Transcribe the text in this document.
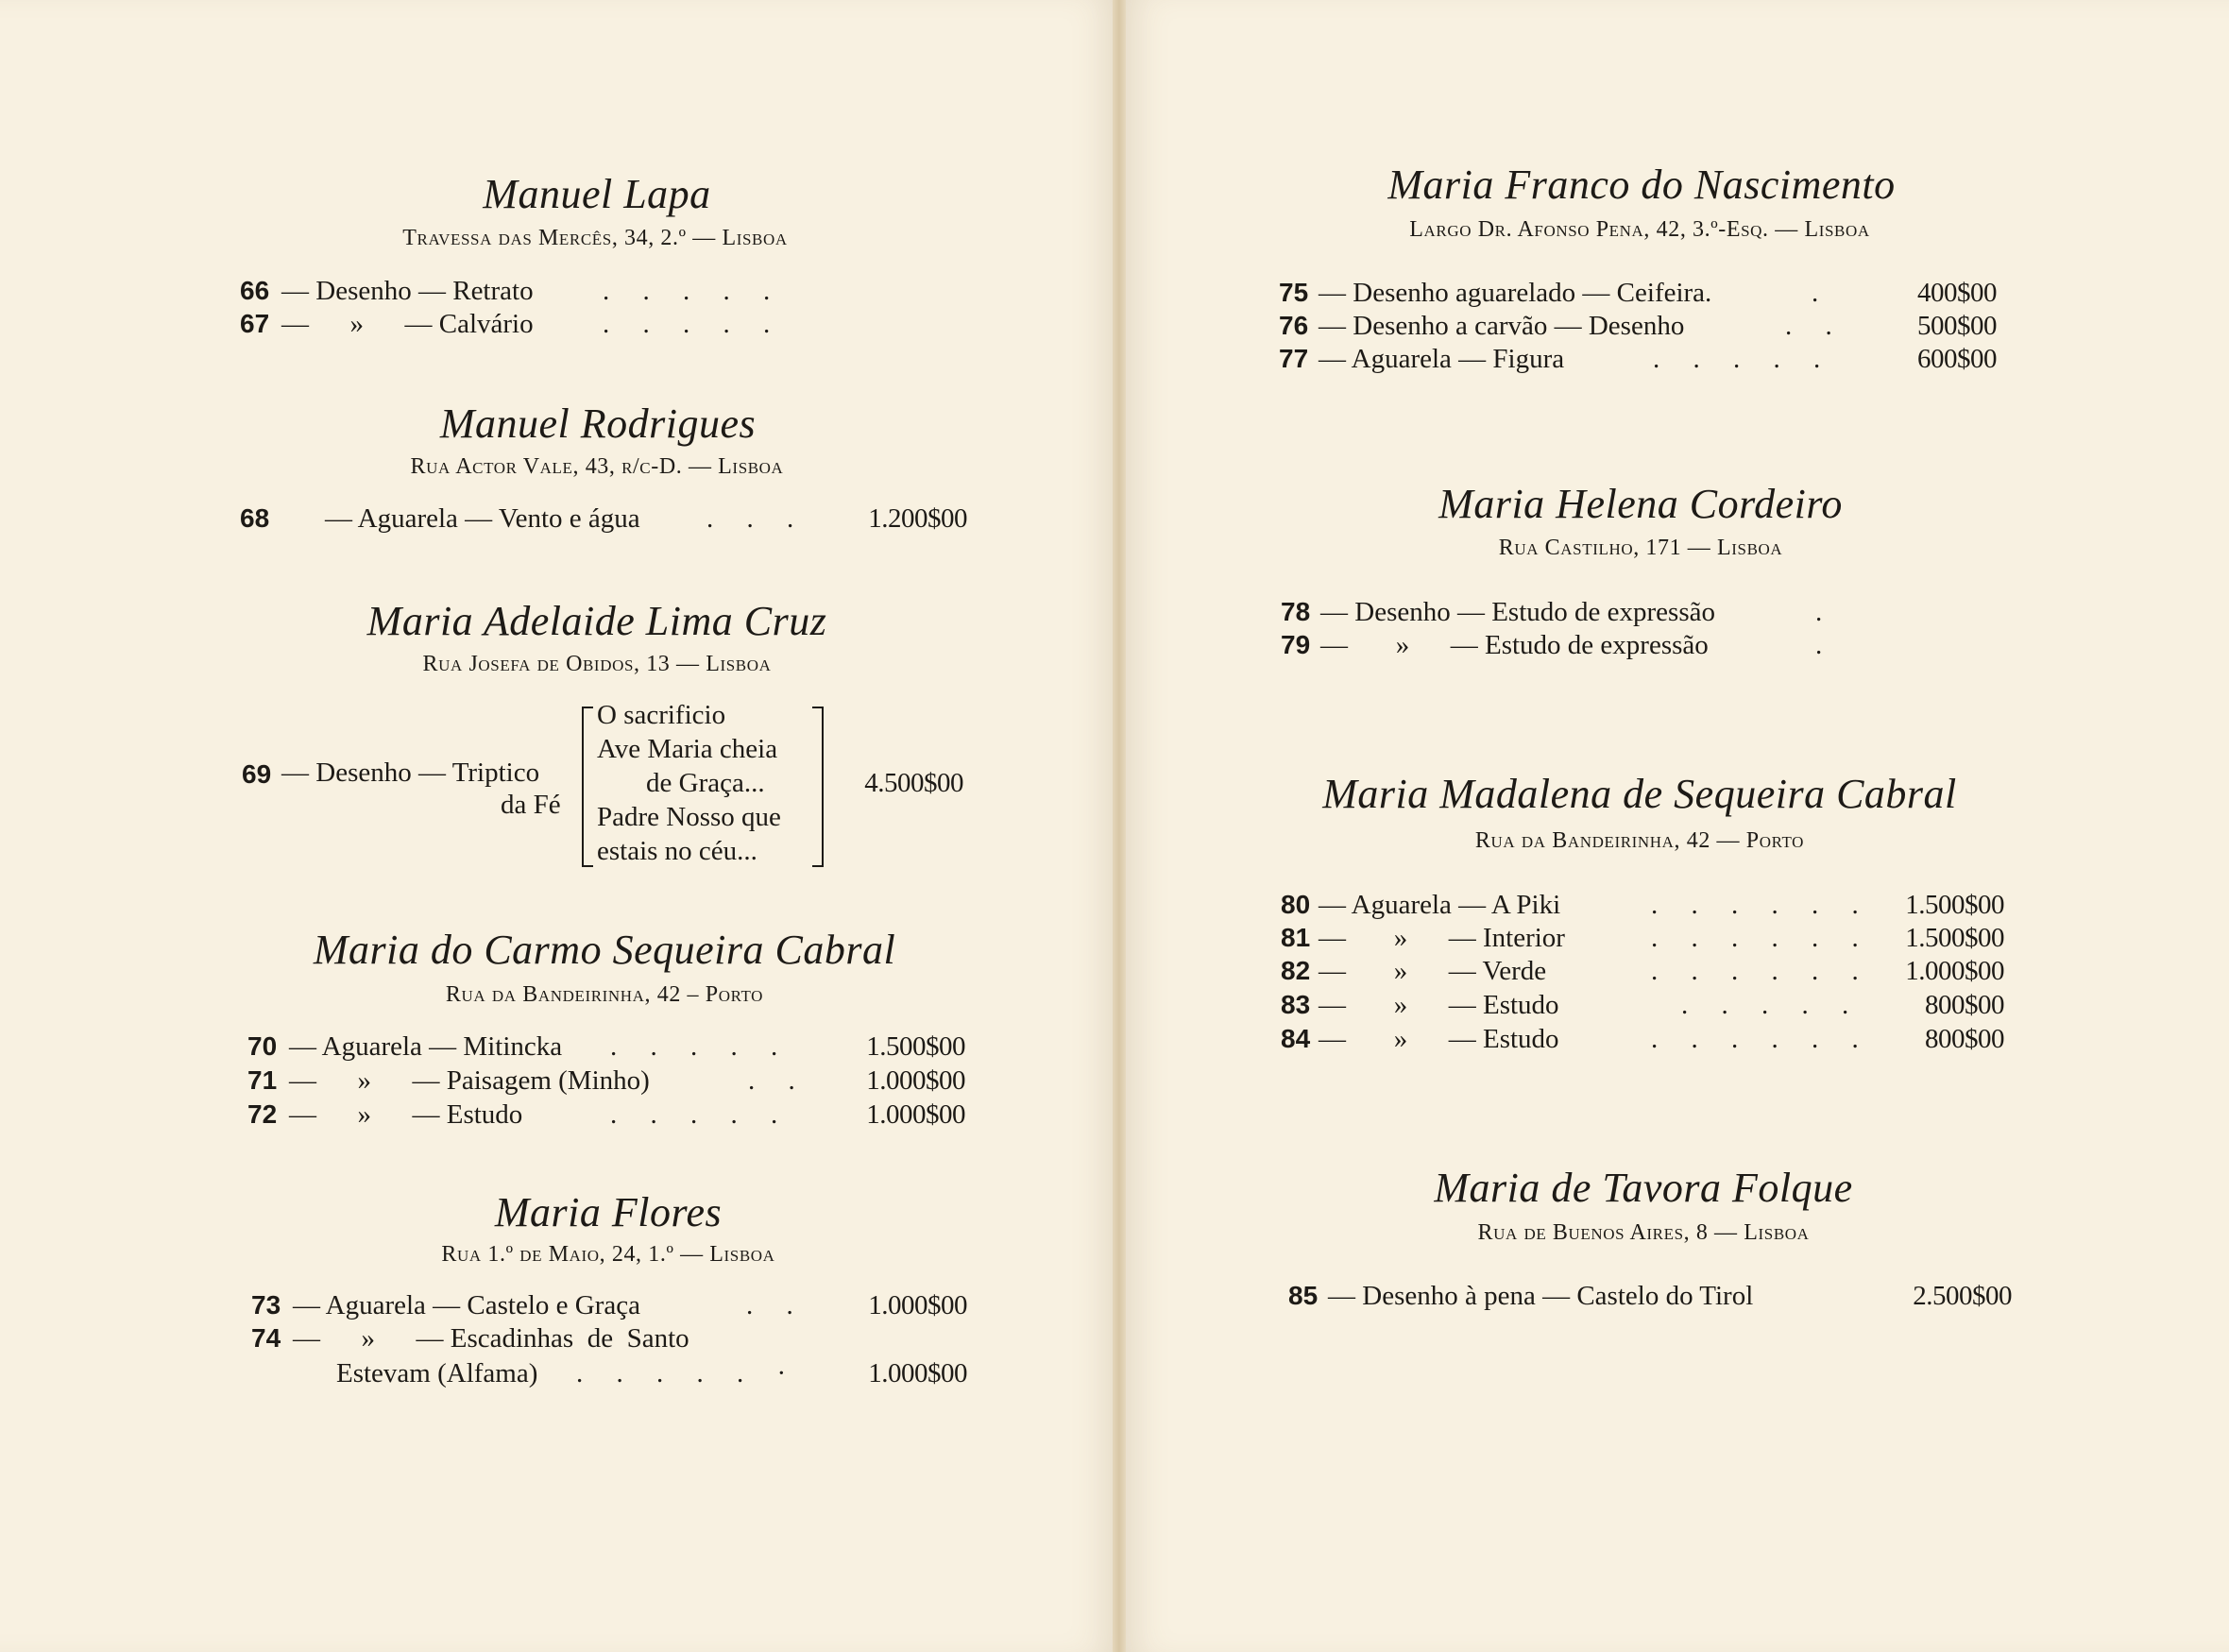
Manuel Lapa
Travessa das Mercês, 34, 2.º — Lisboa
66 — Desenho — Retrato	. . . . .
67 —      »      — Calvário	. . . . .
Manuel Rodrigues
Rua Actor Vale, 43, r/c-D. — Lisboa
68 — Aguarela — Vento e água . . .	1.200$00
Maria Adelaide Lima Cruz
Rua Josefa de Obidos, 13 — Lisboa
69 — Desenho — Triptico
da Fé
O sacrificio
Ave Maria cheia
de Graça...
Padre Nosso que
estais no céu...
4.500$00
Maria do Carmo Sequeira Cabral
Rua da Bandeirinha, 42 – Porto
70 — Aguarela — Mitincka . . . . .	1.500$00
71 —      »      — Paisagem (Minho)	. .	1.000$00
72 —      »      — Estudo	. . . . .	1.000$00
Maria Flores
Rua 1.º de Maio, 24, 1.º — Lisboa
73 — Aguarela — Castelo e Graça	. .	1.000$00
74 —      »      — Escadinhas  de  Santo
Estevam (Alfama) . . . . . ·	1.000$00
Maria Franco do Nascimento
Largo Dr. Afonso Pena, 42, 3.º-Esq. — Lisboa
75 — Desenho aguarelado — Ceifeira.	.	400$00
76 — Desenho a carvão — Desenho	. .	500$00
77 — Aguarela — Figura	. . . . .	600$00
Maria Helena Cordeiro
Rua Castilho, 171 — Lisboa
78 — Desenho — Estudo de expressão	.
79 —       »      — Estudo de expressão	.
Maria Madalena de Sequeira Cabral
Rua da Bandeirinha, 42 — Porto
80 — Aguarela — A Piki	. . . . . .	1.500$00
81 —       »      — Interior	. . . . . .	1.500$00
82 —       »      — Verde	. . . . . .	1.000$00
83 —       »      — Estudo	. . . . .	800$00
84 —       »      — Estudo	. . . . . .	800$00
Maria de Tavora Folque
Rua de Buenos Aires, 8 — Lisboa
85 — Desenho à pena — Castelo do Tirol	2.500$00
